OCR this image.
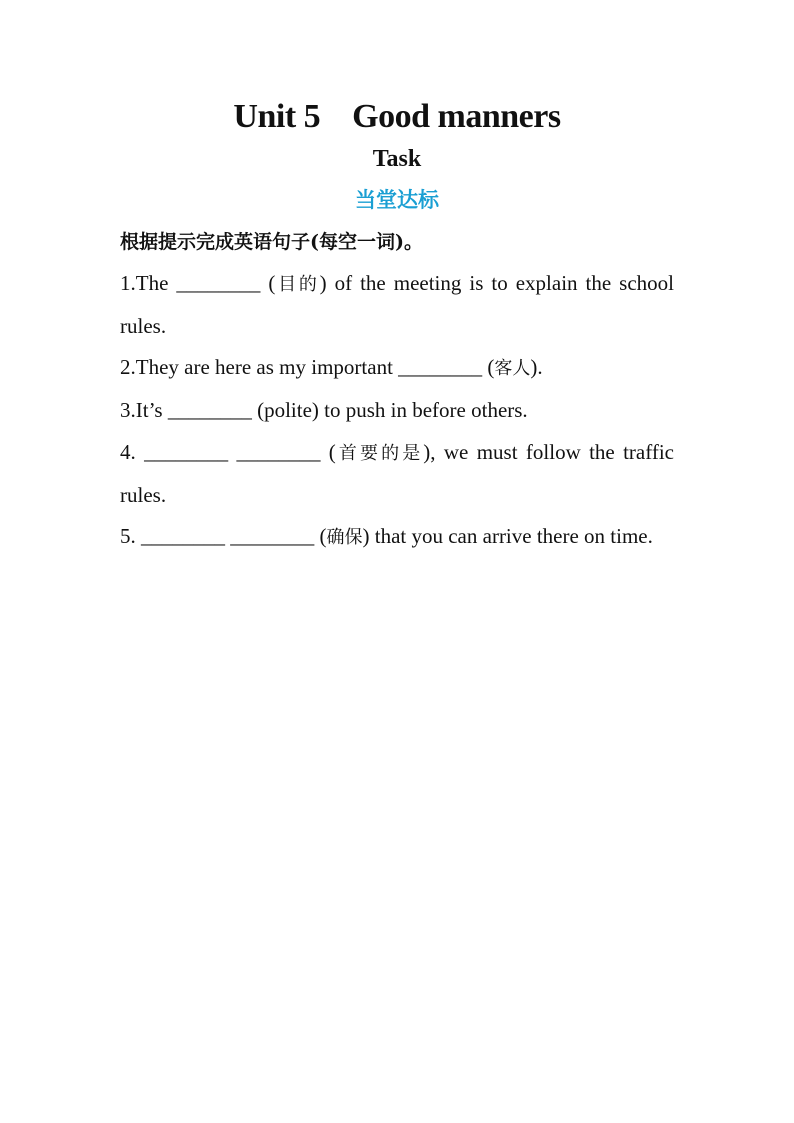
Unit 5    Good manners
Task
当堂达标
根据提示完成英语句子(每空一词)。
1.The ________ (目的) of the meeting is to explain the school rules.
2.They are here as my important ________ (客人).
3.It’s ________ (polite) to push in before others.
4. ________ ________ (首要的是), we must follow the traffic rules.
5. ________ ________ (确保) that you can arrive there on time.
